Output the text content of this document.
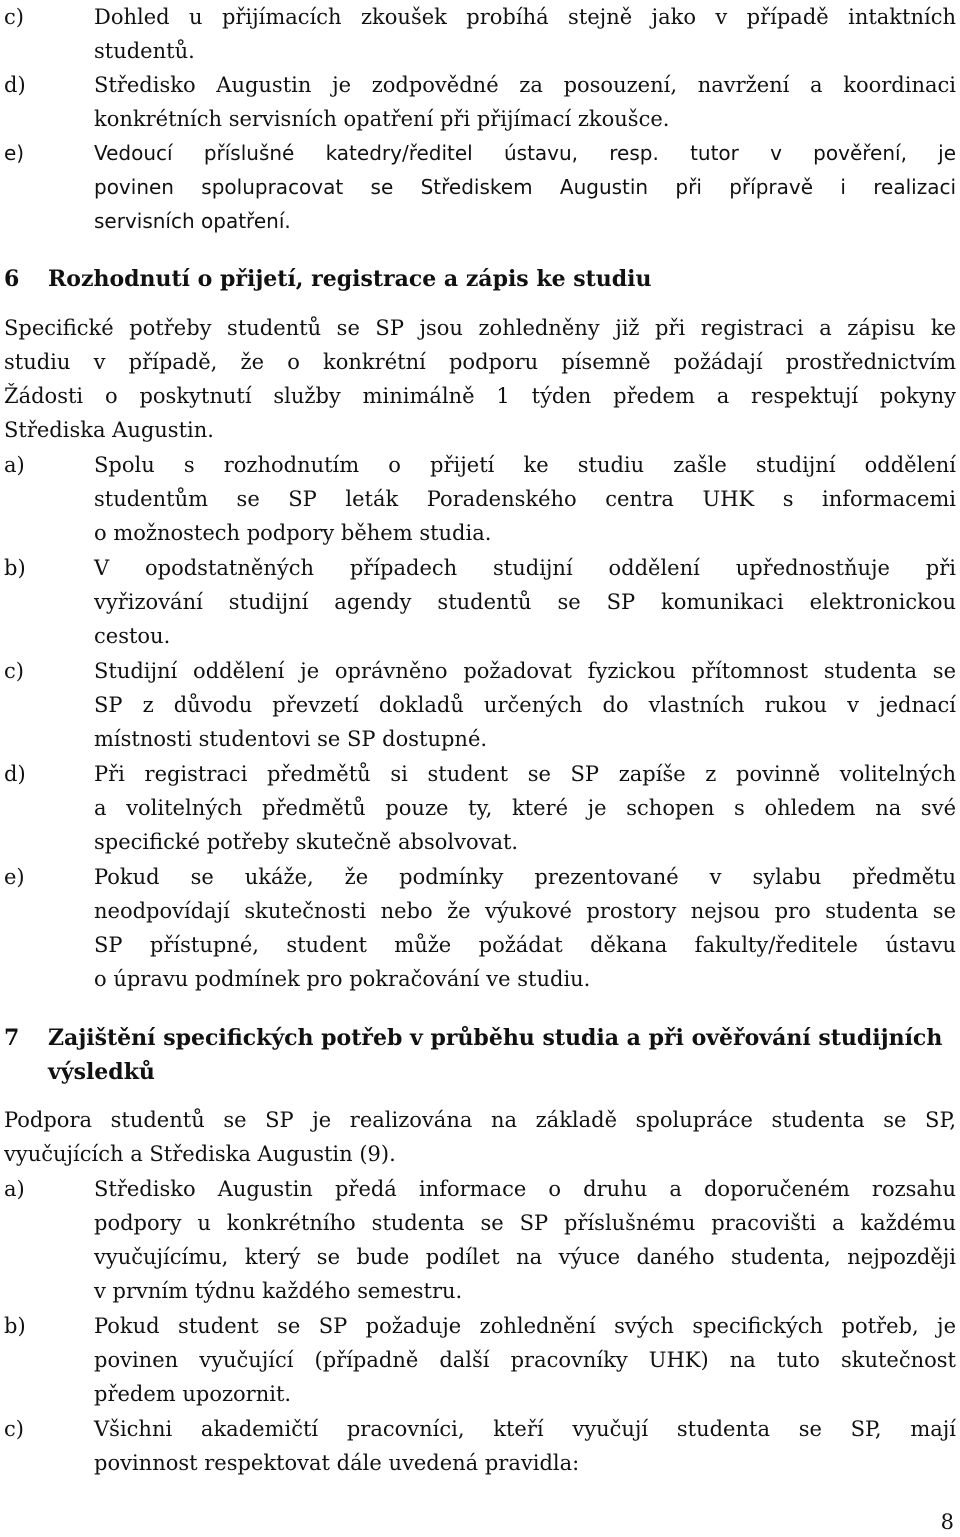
c)	Dohled u přijímacích zkoušek probíhá stejně jako v případě intaktních
studentů.
d)	Středisko Augustin je zodpovědné za posouzení, navržení a koordinaci
konkrétních servisních opatření při přijímací zkoušce.
e)	Vedoucí příslušné katedry/ředitel ústavu, resp. tutor v pověření, je
povinen spolupracovat se Střediskem Augustin při přípravě i realizaci
servisních opatření.
6	Rozhodnutí o přijetí, registrace a zápis ke studiu
Specifické potřeby studentů se SP jsou zohledněny již při registraci a zápisu ke
studiu v případě, že o konkrétní podporu písemně požádají prostřednictvím
Žádosti o poskytnutí služby minimálně 1 týden předem a respektují pokyny
Střediska Augustin.
a)	Spolu s rozhodnutím o přijetí ke studiu zašle studijní oddělení
studentům se SP leták Poradenského centra UHK s informacemi
o možnostech podpory během studia.
b)	V opodstatněných případech studijní oddělení upřednostňuje při
vyřizování studijní agendy studentů se SP komunikaci elektronickou
cestou.
c)	Studijní oddělení je oprávněno požadovat fyzickou přítomnost studenta se
SP z důvodu převzetí dokladů určených do vlastních rukou v jednací
místnosti studentovi se SP dostupné.
d)	Při registraci předmětů si student se SP zapíše z povinně volitelných
a volitelných předmětů pouze ty, které je schopen s ohledem na své
specifické potřeby skutečně absolvovat.
e)	Pokud se ukáže, že podmínky prezentované v sylabu předmětu
neodpovídají skutečnosti nebo že výukové prostory nejsou pro studenta se
SP přístupné, student může požádat děkana fakulty/ředitele ústavu
o úpravu podmínek pro pokračování ve studiu.
7	Zajištění specifických potřeb v průběhu studia a při ověřování studijních
výsledků
Podpora studentů se SP je realizována na základě spolupráce studenta se SP,
vyučujících a Střediska Augustin (9).
a)	Středisko Augustin předá informace o druhu a doporučeném rozsahu
podpory u konkrétního studenta se SP příslušnému pracovišti a každému
vyučujícímu, který se bude podílet na výuce daného studenta, nejpozději
v prvním týdnu každého semestru.
b)	Pokud student se SP požaduje zohlednění svých specifických potřeb, je
povinen vyučující (případně další pracovníky UHK) na tuto skutečnost
předem upozornit.
c)	Všichni akademičtí pracovníci, kteří vyučují studenta se SP, mají
povinnost respektovat dále uvedená pravidla:
8
